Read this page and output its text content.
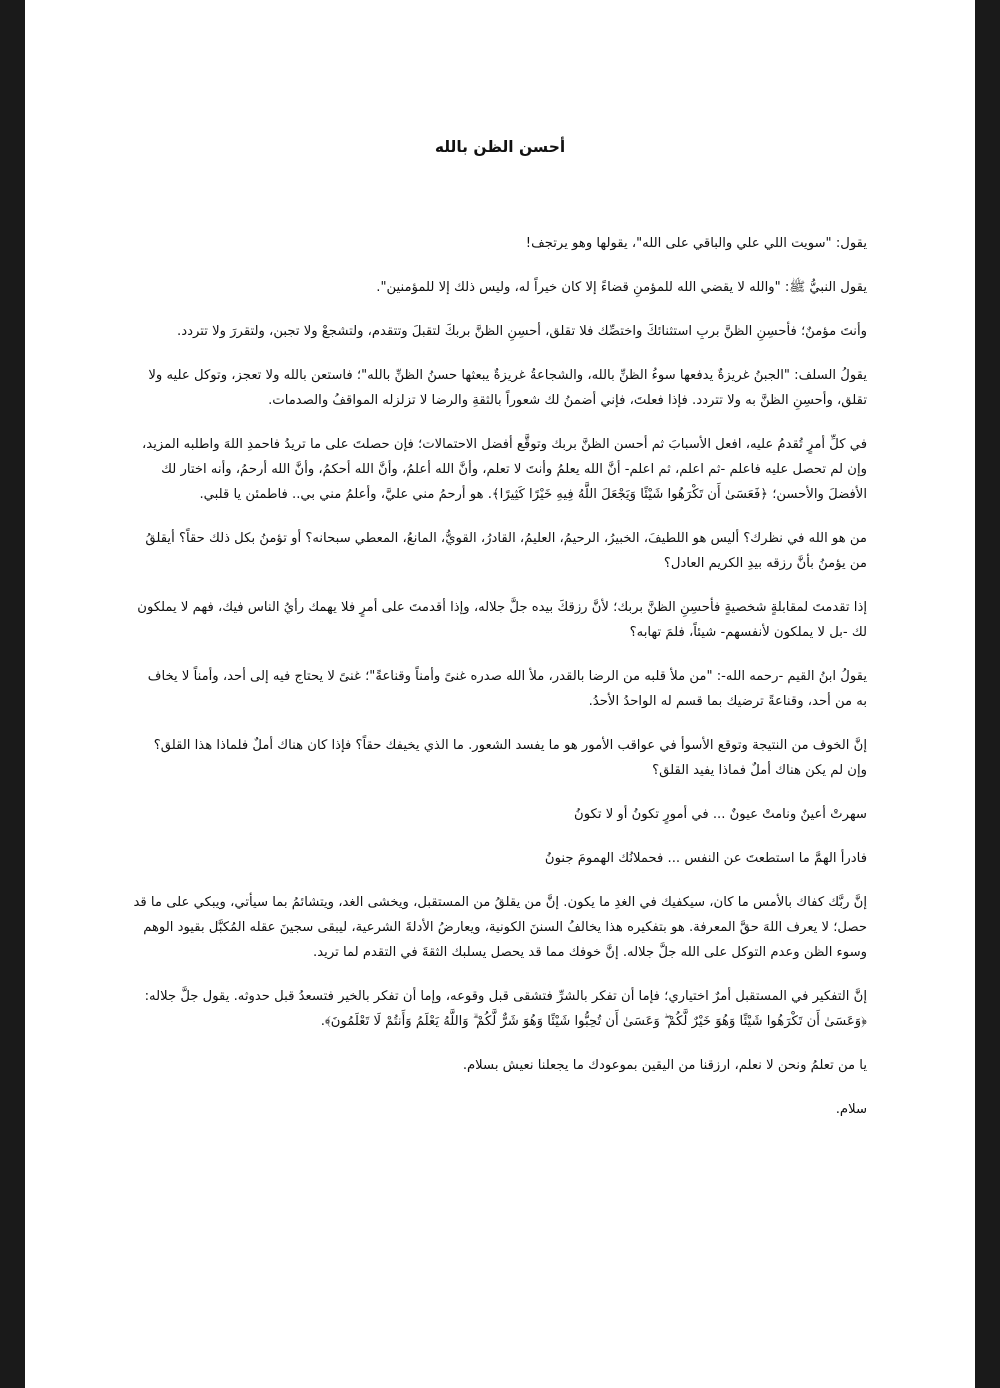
أحسن الظن بالله

يقول: "سويت اللي علي والباقي على الله"، يقولها وهو يرتجف!

يقول النبيُّ ﷺ: "والله لا يقضي الله للمؤمنِ قضاءً إلا كان خيراً له، وليس ذلك إلا للمؤمنين".

وأنتَ مؤمنٌ؛ فأحسِنِ الظنَّ بربِ استثنائكَ واختصِّك فلا تقلق، أحسِنِ الظنَّ بربكَ لتقبلَ وتتقدم، ولتشجعْ ولا تجبن، ولتقررَ ولا تتردد.

يقولُ السلف: "الجبنُ غريزةٌ يدفعها سوءُ الظنِّ بالله، والشجاعةُ غريزةٌ يبعثها حسنُ الظنِّ بالله"؛ فاستعن بالله ولا تعجز، وتوكل عليه ولا تقلق، وأحسِنِ الظنَّ به ولا تتردد. فإذا فعلتَ، فإني أضمنُ لك شعوراً بالثقةِ والرضا لا تزلزله المواقفُ والصدمات.

في كلِّ أمرٍ تُقدمُ عليه، افعل الأسبابَ ثم أحسن الظنَّ بربك وتوقَّع أفضل الاحتمالات؛ فإن حصلتَ على ما تريدُ فاحمدِ اللهَ واطلبه المزيد، وإن لم تحصل عليه فاعلم -ثم اعلم، ثم اعلم- أنَّ الله يعلمُ وأنتَ لا تعلم، وأنَّ الله أعلمُ، وأنَّ الله أحكمُ، وأنَّ الله أرحمُ، وأنه اختار لك الأفضلَ والأحسن؛ ﴿فَعَسَىٰ أَن تَكْرَهُوا شَيْئًا وَيَجْعَلَ اللَّهُ فِيهِ خَيْرًا كَثِيرًا﴾. هو أرحمُ مني عليَّ، وأعلمُ مني بي.. فاطمئن يا قلبي.

من هو الله في نظرك؟ أليس هو اللطيفَ، الخبيرُ، الرحيمُ، العليمُ، القادرُ، القويُّ، المانعُ، المعطي سبحانه؟ أو تؤمنُ بكل ذلك حقاً؟ أيقلقُ من يؤمنُ بأنَّ رزقه بيدِ الكريم العادل؟

إذا تقدمتَ لمقابلةٍ شخصيةٍ فأحسِنِ الظنَّ بربك؛ لأنَّ رزقكَ بيده جلَّ جلاله، وإذا أقدمتَ على أمرٍ فلا يهمك رأيُ الناس فيك، فهم لا يملكون لك -بل لا يملكون لأنفسهم- شيئاً، فلمَ تهابه؟

يقولُ ابنُ القيم -رحمه الله-: "من ملأ قلبه من الرضا بالقدر، ملأ الله صدره غنىً وأمناً وقناعةً"؛ غنىً لا يحتاج فيه إلى أحد، وأمناً لا يخاف به من أحد، وقناعةً ترضيك بما قسم له الواحدُ الأحدُ.

إنَّ الخوف من النتيجة وتوقع الأسوأ في عواقب الأمور هو ما يفسد الشعور. ما الذي يخيفك حقاً؟ فإذا كان هناك أملٌ فلماذا هذا القلق؟ وإن لم يكن هناك أملٌ فماذا يفيد القلق؟

سهرتْ أعينٌ ونامتْ عيونٌ ... في أمورٍ تكونُ أو لا تكونُ

فادرأ الهمَّ ما استطعتَ عن النفس ... فحملانُك الهمومَ جنونُ

إنَّ ربَّك كفاك بالأمس ما كان، سيكفيك في الغدِ ما يكون. إنَّ من يقلقُ من المستقبل، ويخشى الغد، ويتشائمُ بما سيأتي، ويبكي على ما قد حصل؛ لا يعرف اللهَ حقَّ المعرفة. هو بتفكيره هذا يخالفُ السننَ الكونية، ويعارضُ الأدلةَ الشرعية، ليبقى سجينَ عقله المُكبَّل بقيود الوهم وسوء الظن وعدم التوكل على الله جلَّ جلاله. إنَّ خوفك مما قد يحصل يسلبك الثقةَ في التقدم لما تريد.

إنَّ التفكير في المستقبل أمرٌ اختياري؛ فإما أن تفكر بالشرِّ فتشقى قبل وقوعه، وإما أن تفكر بالخير فتسعدُ قبل حدوثه. يقول جلَّ جلاله: ﴿وَعَسَىٰ أَن تَكْرَهُوا شَيْئًا وَهُوَ خَيْرٌ لَّكُمْ ۖ وَعَسَىٰ أَن تُحِبُّوا شَيْئًا وَهُوَ شَرٌّ لَّكُمْ ۗ وَاللَّهُ يَعْلَمُ وَأَنتُمْ لَا تَعْلَمُونَ﴾.

يا من تعلمُ ونحن لا نعلم، ارزقنا من اليقين بموعودك ما يجعلنا نعيش بسلام.

سلام.
